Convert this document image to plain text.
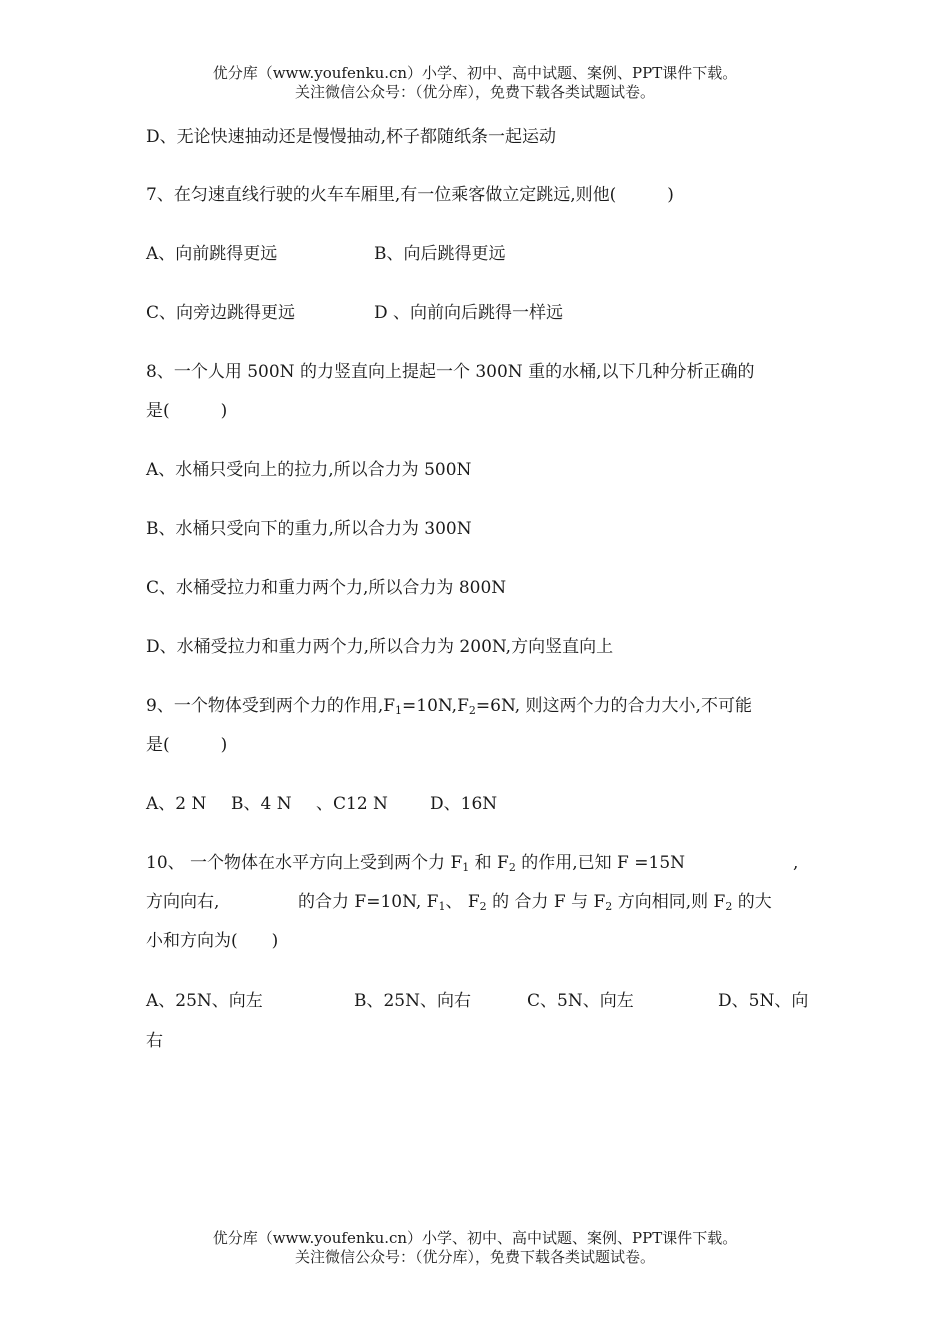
优分库（www.youfenku.cn）小学、初中、高中试题、案例、PPT课件下载。
关注微信公众号：（优分库），免费下载各类试题试卷。
D、无论快速抽动还是慢慢抽动,杯子都随纸条一起运动
7、在匀速直线行驶的火车车厢里,有一位乘客做立定跳远,则他(　　　)
A、向前跳得更远	B、向后跳得更远
C、向旁边跳得更远	D 、向前向后跳得一样远
8、一个人用 500N 的力竖直向上提起一个 300N 重的水桶,以下几种分析正确的
是(　　　)
A、水桶只受向上的拉力,所以合力为 500N
B、水桶只受向下的重力,所以合力为 300N
C、水桶受拉力和重力两个力,所以合力为 800N
D、水桶受拉力和重力两个力,所以合力为 200N,方向竖直向上
9、一个物体受到两个力的作用$,F_1=10N,F_2=6N$, 则这两个力的合力大小,不可能
是(　　　)
A、2 N B、4 N 、C12 N D、16N
10、 一个物体在水平方向上受到两个力 $F_1$ 和 $F_2$ 的作用,已知 F =15N	,
方向向右,	的合力 F=10N, $F_1$、 $F_2$ 的 合力 F 与 $F_2$ 方向相同,则 $F_2$ 的大
小和方向为(　　)
A、25N、向左	B、25N、向右	C、5N、向左	D、5N、向
右
优分库（www.youfenku.cn）小学、初中、高中试题、案例、PPT课件下载。
关注微信公众号：（优分库），免费下载各类试题试卷。
